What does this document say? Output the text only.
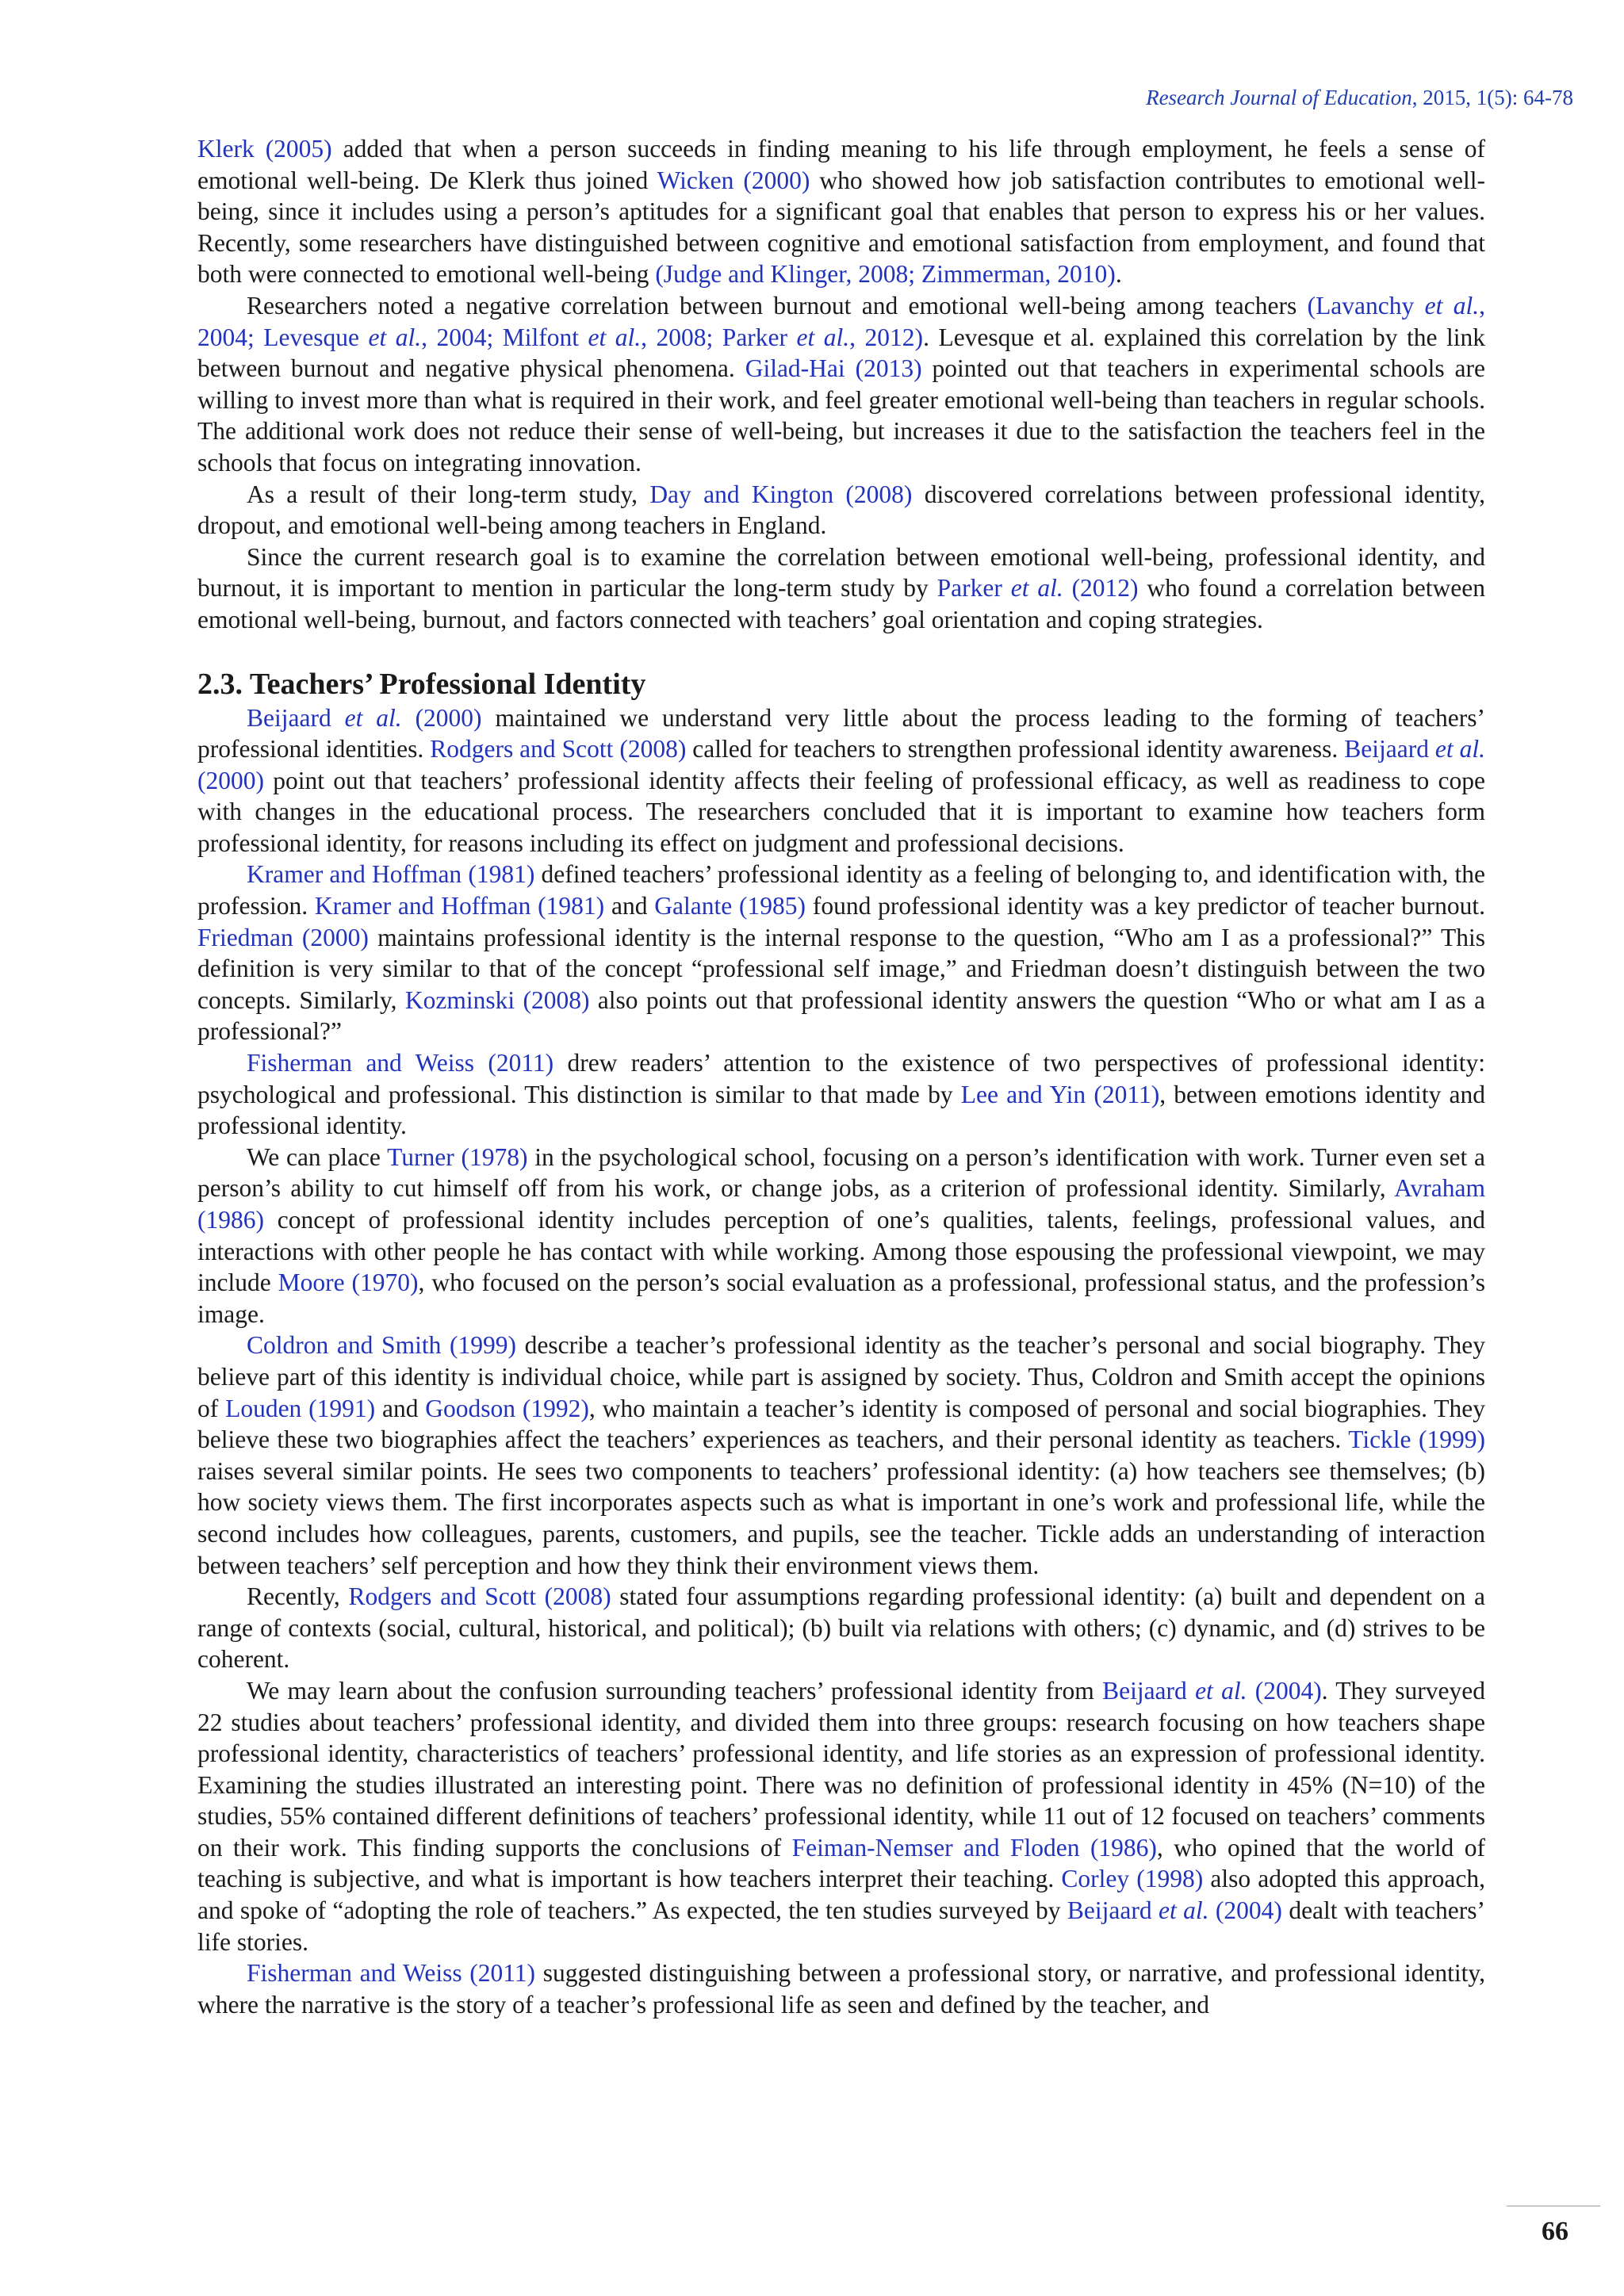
Research Journal of Education, 2015, 1(5): 64-78

Klerk (2005) added that when a person succeeds in finding meaning to his life through employment, he feels a sense of emotional well-being. De Klerk thus joined Wicken (2000) who showed how job satisfaction contributes to emotional well-being, since it includes using a person’s aptitudes for a significant goal that enables that person to express his or her values. Recently, some researchers have distinguished between cognitive and emotional satisfaction from employment, and found that both were connected to emotional well-being (Judge and Klinger, 2008; Zimmerman, 2010).

Researchers noted a negative correlation between burnout and emotional well-being among teachers (Lavanchy et al., 2004; Levesque et al., 2004; Milfont et al., 2008; Parker et al., 2012). Levesque et al. explained this correlation by the link between burnout and negative physical phenomena. Gilad-Hai (2013) pointed out that teachers in experimental schools are willing to invest more than what is required in their work, and feel greater emotional well-being than teachers in regular schools. The additional work does not reduce their sense of well-being, but increases it due to the satisfaction the teachers feel in the schools that focus on integrating innovation.

As a result of their long-term study, Day and Kington (2008) discovered correlations between professional identity, dropout, and emotional well-being among teachers in England.

Since the current research goal is to examine the correlation between emotional well-being, professional identity, and burnout, it is important to mention in particular the long-term study by Parker et al. (2012) who found a correlation between emotional well-being, burnout, and factors connected with teachers’ goal orientation and coping strategies.

2.3. Teachers’ Professional Identity

Beijaard et al. (2000) maintained we understand very little about the process leading to the forming of teachers’ professional identities. Rodgers and Scott (2008) called for teachers to strengthen professional identity awareness. Beijaard et al. (2000) point out that teachers’ professional identity affects their feeling of professional efficacy, as well as readiness to cope with changes in the educational process. The researchers concluded that it is important to examine how teachers form professional identity, for reasons including its effect on judgment and professional decisions.

Kramer and Hoffman (1981) defined teachers’ professional identity as a feeling of belonging to, and identification with, the profession. Kramer and Hoffman (1981) and Galante (1985) found professional identity was a key predictor of teacher burnout. Friedman (2000) maintains professional identity is the internal response to the question, “Who am I as a professional?” This definition is very similar to that of the concept “professional self image,” and Friedman doesn’t distinguish between the two concepts. Similarly, Kozminski (2008) also points out that professional identity answers the question “Who or what am I as a professional?”

Fisherman and Weiss (2011) drew readers’ attention to the existence of two perspectives of professional identity: psychological and professional. This distinction is similar to that made by Lee and Yin (2011), between emotions identity and professional identity.

We can place Turner (1978) in the psychological school, focusing on a person’s identification with work. Turner even set a person’s ability to cut himself off from his work, or change jobs, as a criterion of professional identity. Similarly, Avraham (1986) concept of professional identity includes perception of one’s qualities, talents, feelings, professional values, and interactions with other people he has contact with while working. Among those espousing the professional viewpoint, we may include Moore (1970), who focused on the person’s social evaluation as a professional, professional status, and the profession’s image.

Coldron and Smith (1999) describe a teacher’s professional identity as the teacher’s personal and social biography. They believe part of this identity is individual choice, while part is assigned by society. Thus, Coldron and Smith accept the opinions of Louden (1991) and Goodson (1992), who maintain a teacher’s identity is composed of personal and social biographies. They believe these two biographies affect the teachers’ experiences as teachers, and their personal identity as teachers. Tickle (1999) raises several similar points. He sees two components to teachers’ professional identity: (a) how teachers see themselves; (b) how society views them. The first incorporates aspects such as what is important in one’s work and professional life, while the second includes how colleagues, parents, customers, and pupils, see the teacher. Tickle adds an understanding of interaction between teachers’ self perception and how they think their environment views them.

Recently, Rodgers and Scott (2008) stated four assumptions regarding professional identity: (a) built and dependent on a range of contexts (social, cultural, historical, and political); (b) built via relations with others; (c) dynamic, and (d) strives to be coherent.

We may learn about the confusion surrounding teachers’ professional identity from Beijaard et al. (2004). They surveyed 22 studies about teachers’ professional identity, and divided them into three groups: research focusing on how teachers shape professional identity, characteristics of teachers’ professional identity, and life stories as an expression of professional identity. Examining the studies illustrated an interesting point. There was no definition of professional identity in 45% (N=10) of the studies, 55% contained different definitions of teachers’ professional identity, while 11 out of 12 focused on teachers’ comments on their work. This finding supports the conclusions of Feiman-Nemser and Floden (1986), who opined that the world of teaching is subjective, and what is important is how teachers interpret their teaching. Corley (1998) also adopted this approach, and spoke of “adopting the role of teachers.” As expected, the ten studies surveyed by Beijaard et al. (2004) dealt with teachers’ life stories.

Fisherman and Weiss (2011) suggested distinguishing between a professional story, or narrative, and professional identity, where the narrative is the story of a teacher’s professional life as seen and defined by the teacher, and

66
